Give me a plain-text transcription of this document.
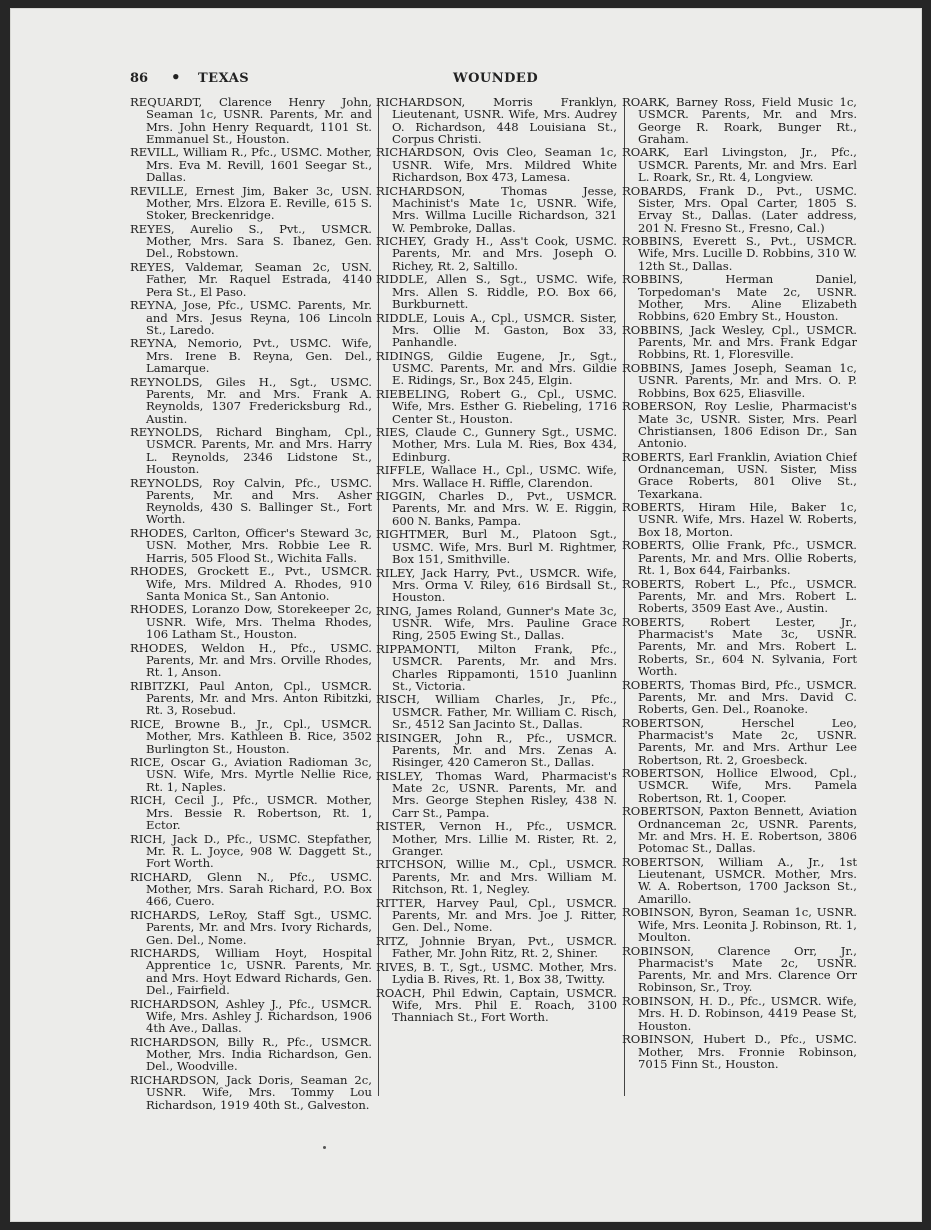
86 • TEXAS	WOUNDED
REQUARDT, Clarence Henry John, Seaman 1c, USNR. Parents, Mr. and Mrs. John Henry Requardt, 1101 St. Emmanuel St., Houston.
REVILL, William R., Pfc., USMC. Mother, Mrs. Eva M. Revill, 1601 Seegar St., Dallas.
REVILLE, Ernest Jim, Baker 3c, USN. Mother, Mrs. Elzora E. Reville, 615 S. Stoker, Breckenridge.
REYES, Aurelio S., Pvt., USMCR. Mother, Mrs. Sara S. Ibanez, Gen. Del., Robstown.
REYES, Valdemar, Seaman 2c, USN. Father, Mr. Raquel Estrada, 4140 Pera St., El Paso.
REYNA, Jose, Pfc., USMC. Parents, Mr. and Mrs. Jesus Reyna, 106 Lincoln St., Laredo.
REYNA, Nemorio, Pvt., USMC. Wife, Mrs. Irene B. Reyna, Gen. Del., Lamarque.
REYNOLDS, Giles H., Sgt., USMC. Parents, Mr. and Mrs. Frank A. Reynolds, 1307 Fredericksburg Rd., Austin.
REYNOLDS, Richard Bingham, Cpl., USMCR. Parents, Mr. and Mrs. Harry L. Reynolds, 2346 Lidstone St., Houston.
REYNOLDS, Roy Calvin, Pfc., USMC. Parents, Mr. and Mrs. Asher Reynolds, 430 S. Ballinger St., Fort Worth.
RHODES, Carlton, Officer's Steward 3c, USN. Mother, Mrs. Robbie Lee R. Harris, 505 Flood St., Wichita Falls.
RHODES, Grockett E., Pvt., USMCR. Wife, Mrs. Mildred A. Rhodes, 910 Santa Monica St., San Antonio.
RHODES, Loranzo Dow, Storekeeper 2c, USNR. Wife, Mrs. Thelma Rhodes, 106 Latham St., Houston.
RHODES, Weldon H., Pfc., USMC. Parents, Mr. and Mrs. Orville Rhodes, Rt. 1, Anson.
RIBITZKI, Paul Anton, Cpl., USMCR. Parents, Mr. and Mrs. Anton Ribitzki, Rt. 3, Rosebud.
RICE, Browne B., Jr., Cpl., USMCR. Mother, Mrs. Kathleen B. Rice, 3502 Burlington St., Houston.
RICE, Oscar G., Aviation Radioman 3c, USN. Wife, Mrs. Myrtle Nellie Rice, Rt. 1, Naples.
RICH, Cecil J., Pfc., USMCR. Mother, Mrs. Bessie R. Robertson, Rt. 1, Ector.
RICH, Jack D., Pfc., USMC. Stepfather, Mr. R. L. Joyce, 908 W. Daggett St., Fort Worth.
RICHARD, Glenn N., Pfc., USMC. Mother, Mrs. Sarah Richard, P.O. Box 466, Cuero.
RICHARDS, LeRoy, Staff Sgt., USMC. Parents, Mr. and Mrs. Ivory Richards, Gen. Del., Nome.
RICHARDS, William Hoyt, Hospital Apprentice 1c, USNR. Parents, Mr. and Mrs. Hoyt Edward Richards, Gen. Del., Fairfield.
RICHARDSON, Ashley J., Pfc., USMCR. Wife, Mrs. Ashley J. Richardson, 1906 4th Ave., Dallas.
RICHARDSON, Billy R., Pfc., USMCR. Mother, Mrs. India Richardson, Gen. Del., Woodville.
RICHARDSON, Jack Doris, Seaman 2c, USNR. Wife, Mrs. Tommy Lou Richardson, 1919 40th St., Galveston.
RICHARDSON, Morris Franklyn, Lieutenant, USNR. Wife, Mrs. Audrey O. Richardson, 448 Louisiana St., Corpus Christi.
RICHARDSON, Ovis Cleo, Seaman 1c, USNR. Wife, Mrs. Mildred White Richardson, Box 473, Lamesa.
RICHARDSON, Thomas Jesse, Machinist's Mate 1c, USNR. Wife, Mrs. Willma Lucille Richardson, 321 W. Pembroke, Dallas.
RICHEY, Grady H., Ass't Cook, USMC. Parents, Mr. and Mrs. Joseph O. Richey, Rt. 2, Saltillo.
RIDDLE, Allen S., Sgt., USMC. Wife, Mrs. Allen S. Riddle, P.O. Box 66, Burkburnett.
RIDDLE, Louis A., Cpl., USMCR. Sister, Mrs. Ollie M. Gaston, Box 33, Panhandle.
RIDINGS, Gildie Eugene, Jr., Sgt., USMC. Parents, Mr. and Mrs. Gildie E. Ridings, Sr., Box 245, Elgin.
RIEBELING, Robert G., Cpl., USMC. Wife, Mrs. Esther G. Riebeling, 1716 Center St., Houston.
RIES, Claude C., Gunnery Sgt., USMC. Mother, Mrs. Lula M. Ries, Box 434, Edinburg.
RIFFLE, Wallace H., Cpl., USMC. Wife, Mrs. Wallace H. Riffle, Clarendon.
RIGGIN, Charles D., Pvt., USMCR. Parents, Mr. and Mrs. W. E. Riggin, 600 N. Banks, Pampa.
RIGHTMER, Burl M., Platoon Sgt., USMC. Wife, Mrs. Burl M. Rightmer, Box 151, Smithville.
RILEY, Jack Harry, Pvt., USMCR. Wife, Mrs. Orma V. Riley, 616 Birdsall St., Houston.
RING, James Roland, Gunner's Mate 3c, USNR. Wife, Mrs. Pauline Grace Ring, 2505 Ewing St., Dallas.
RIPPAMONTI, Milton Frank, Pfc., USMCR. Parents, Mr. and Mrs. Charles Rippamonti, 1510 Juanlinn St., Victoria.
RISCH, William Charles, Jr., Pfc., USMCR. Father, Mr. William C. Risch, Sr., 4512 San Jacinto St., Dallas.
RISINGER, John R., Pfc., USMCR. Parents, Mr. and Mrs. Zenas A. Risinger, 420 Cameron St., Dallas.
RISLEY, Thomas Ward, Pharmacist's Mate 2c, USNR. Parents, Mr. and Mrs. George Stephen Risley, 438 N. Carr St., Pampa.
RISTER, Vernon H., Pfc., USMCR. Mother, Mrs. Lillie M. Rister, Rt. 2, Granger.
RITCHSON, Willie M., Cpl., USMCR. Parents, Mr. and Mrs. William M. Ritchson, Rt. 1, Negley.
RITTER, Harvey Paul, Cpl., USMCR. Parents, Mr. and Mrs. Joe J. Ritter, Gen. Del., Nome.
RITZ, Johnnie Bryan, Pvt., USMCR. Father, Mr. John Ritz, Rt. 2, Shiner.
RIVES, B. T., Sgt., USMC. Mother, Mrs. Lydia B. Rives, Rt. 1, Box 38, Twitty.
ROACH, Phil Edwin, Captain, USMCR. Wife, Mrs. Phil E. Roach, 3100 Thanniach St., Fort Worth.
ROARK, Barney Ross, Field Music 1c, USMCR. Parents, Mr. and Mrs. George R. Roark, Bunger Rt., Graham.
ROARK, Earl Livingston, Jr., Pfc., USMCR. Parents, Mr. and Mrs. Earl L. Roark, Sr., Rt. 4, Longview.
ROBARDS, Frank D., Pvt., USMC. Sister, Mrs. Opal Carter, 1805 S. Ervay St., Dallas. (Later address, 201 N. Fresno St., Fresno, Cal.)
ROBBINS, Everett S., Pvt., USMCR. Wife, Mrs. Lucille D. Robbins, 310 W. 12th St., Dallas.
ROBBINS, Herman Daniel, Torpedoman's Mate 2c, USNR. Mother, Mrs. Aline Elizabeth Robbins, 620 Embry St., Houston.
ROBBINS, Jack Wesley, Cpl., USMCR. Parents, Mr. and Mrs. Frank Edgar Robbins, Rt. 1, Floresville.
ROBBINS, James Joseph, Seaman 1c, USNR. Parents, Mr. and Mrs. O. P. Robbins, Box 625, Eliasville.
ROBERSON, Roy Leslie, Pharmacist's Mate 3c, USNR. Sister, Mrs. Pearl Christiansen, 1806 Edison Dr., San Antonio.
ROBERTS, Earl Franklin, Aviation Chief Ordnanceman, USN. Sister, Miss Grace Roberts, 801 Olive St., Texarkana.
ROBERTS, Hiram Hile, Baker 1c, USNR. Wife, Mrs. Hazel W. Roberts, Box 18, Morton.
ROBERTS, Ollie Frank, Pfc., USMCR. Parents, Mr. and Mrs. Ollie Roberts, Rt. 1, Box 644, Fairbanks.
ROBERTS, Robert L., Pfc., USMCR. Parents, Mr. and Mrs. Robert L. Roberts, 3509 East Ave., Austin.
ROBERTS, Robert Lester, Jr., Pharmacist's Mate 3c, USNR. Parents, Mr. and Mrs. Robert L. Roberts, Sr., 604 N. Sylvania, Fort Worth.
ROBERTS, Thomas Bird, Pfc., USMCR. Parents, Mr. and Mrs. David C. Roberts, Gen. Del., Roanoke.
ROBERTSON, Herschel Leo, Pharmacist's Mate 2c, USNR. Parents, Mr. and Mrs. Arthur Lee Robertson, Rt. 2, Groesbeck.
ROBERTSON, Hollice Elwood, Cpl., USMCR. Wife, Mrs. Pamela Robertson, Rt. 1, Cooper.
ROBERTSON, Paxton Bennett, Aviation Ordnanceman 2c, USNR. Parents, Mr. and Mrs. H. E. Robertson, 3806 Potomac St., Dallas.
ROBERTSON, William A., Jr., 1st Lieutenant, USMCR. Mother, Mrs. W. A. Robertson, 1700 Jackson St., Amarillo.
ROBINSON, Byron, Seaman 1c, USNR. Wife, Mrs. Leonita J. Robinson, Rt. 1, Moulton.
ROBINSON, Clarence Orr, Jr., Pharmacist's Mate 2c, USNR. Parents, Mr. and Mrs. Clarence Orr Robinson, Sr., Troy.
ROBINSON, H. D., Pfc., USMCR. Wife, Mrs. H. D. Robinson, 4419 Pease St, Houston.
ROBINSON, Hubert D., Pfc., USMC. Mother, Mrs. Fronnie Robinson, 7015 Finn St., Houston.
